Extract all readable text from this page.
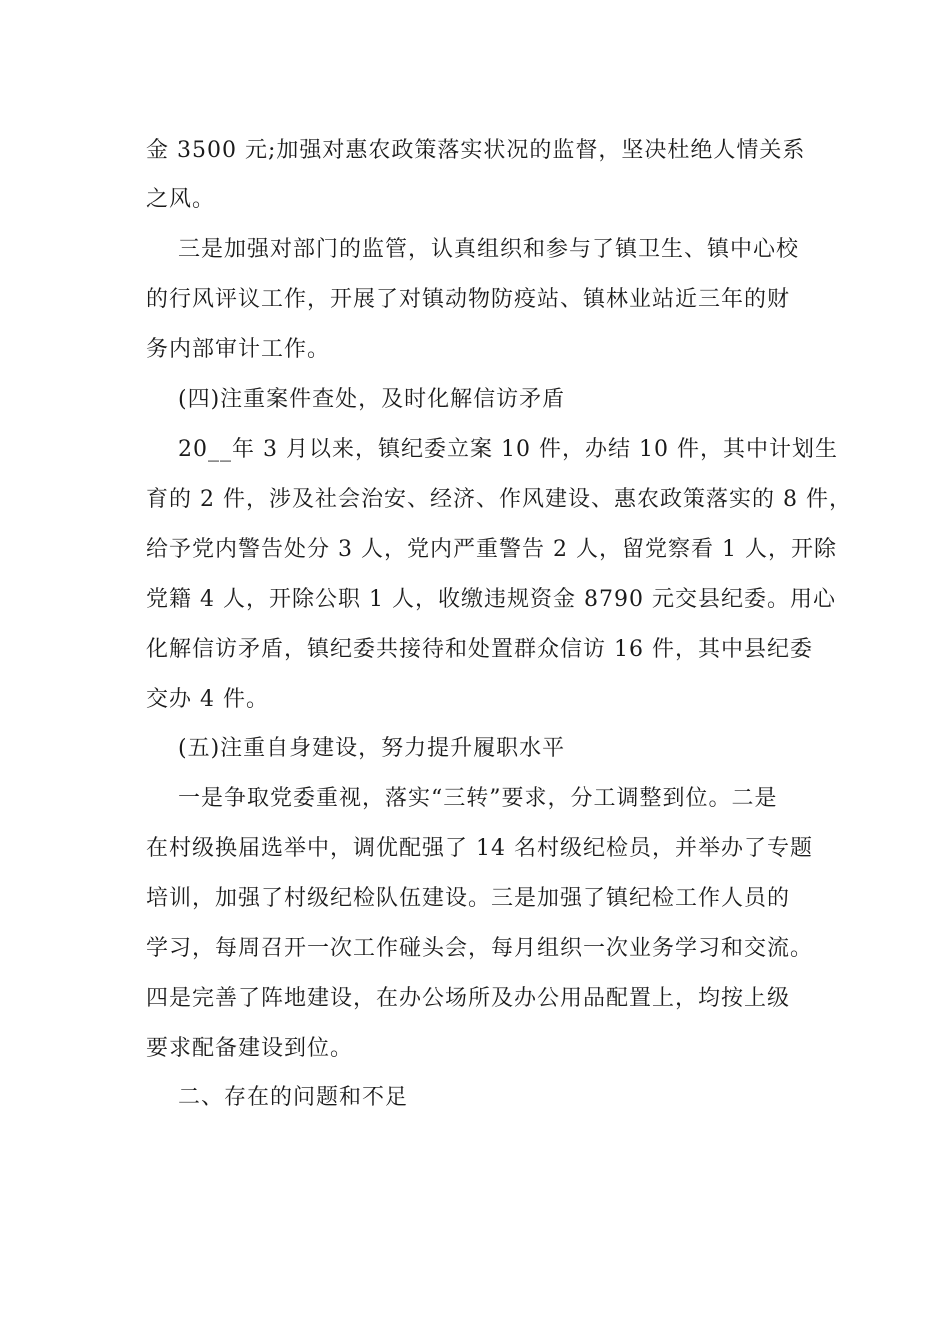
金 3500 元;加强对惠农政策落实状况的监督，坚决杜绝人情关系
之风。
三是加强对部门的监管，认真组织和参与了镇卫生、镇中心校
的行风评议工作，开展了对镇动物防疫站、镇林业站近三年的财
务内部审计工作。
(四)注重案件查处，及时化解信访矛盾
20__年 3 月以来，镇纪委立案 10 件，办结 10 件，其中计划生
育的 2 件，涉及社会治安、经济、作风建设、惠农政策落实的 8 件，
给予党内警告处分 3 人，党内严重警告 2 人，留党察看 1 人，开除
党籍 4 人，开除公职 1 人，收缴违规资金 8790 元交县纪委。用心
化解信访矛盾，镇纪委共接待和处置群众信访 16 件，其中县纪委
交办 4 件。
(五)注重自身建设，努力提升履职水平
一是争取党委重视，落实“三转”要求，分工调整到位。二是
在村级换届选举中，调优配强了 14 名村级纪检员，并举办了专题
培训，加强了村级纪检队伍建设。三是加强了镇纪检工作人员的
学习，每周召开一次工作碰头会，每月组织一次业务学习和交流。
四是完善了阵地建设，在办公场所及办公用品配置上，均按上级
要求配备建设到位。
二、存在的问题和不足
